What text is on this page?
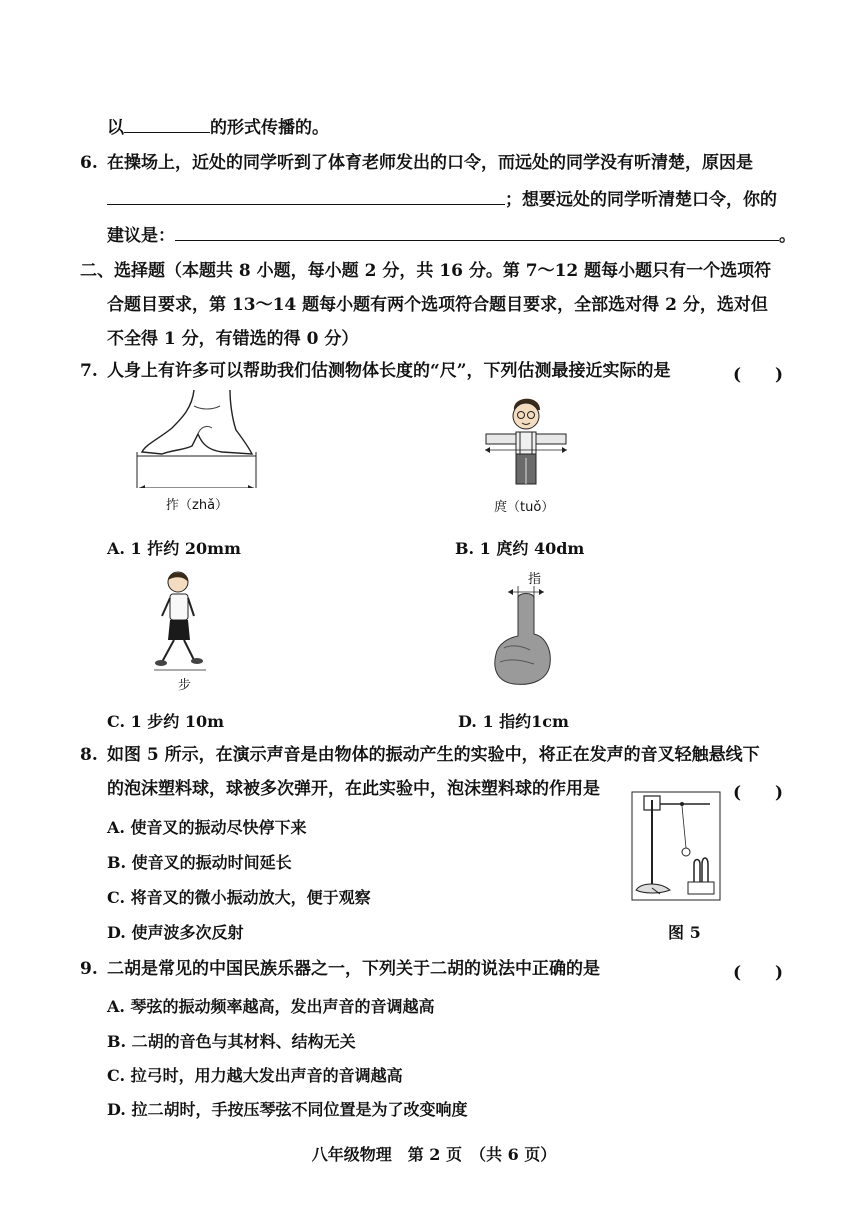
以	的形式传播的。
6. 在操场上，近处的同学听到了体育老师发出的口令，而远处的同学没有听清楚，原因是
；想要远处的同学听清楚口令，你的
建议是：	。
二、选择题（本题共 8 小题，每小题 2 分，共 16 分。第 7～12 题每小题只有一个选项符
合题目要求，第 13～14 题每小题有两个选项符合题目要求，全部选对得 2 分，选对但
不全得 1 分，有错选的得 0 分）
7. 人身上有许多可以帮助我们估测物体长度的“尺”，下列估测最接近实际的是	(　　)
拃（zhǎ）	庹（tuǒ）
A. 1 拃约 20mm	B. 1 庹约 40dm
步
指
C. 1 步约 10m	D. 1 指约1cm
8. 如图 5 所示，在演示声音是由物体的振动产生的实验中，将正在发声的音叉轻触悬线下
的泡沫塑料球，球被多次弹开，在此实验中，泡沫塑料球的作用是	(　　)
A. 使音叉的振动尽快停下来
B. 使音叉的振动时间延长
C. 将音叉的微小振动放大，便于观察
D. 使声波多次反射	图 5
9. 二胡是常见的中国民族乐器之一，下列关于二胡的说法中正确的是	(　　)
A. 琴弦的振动频率越高，发出声音的音调越高
B. 二胡的音色与其材料、结构无关
C. 拉弓时，用力越大发出声音的音调越高
D. 拉二胡时，手按压琴弦不同位置是为了改变响度
八年级物理　第 2 页　（共 6 页）
